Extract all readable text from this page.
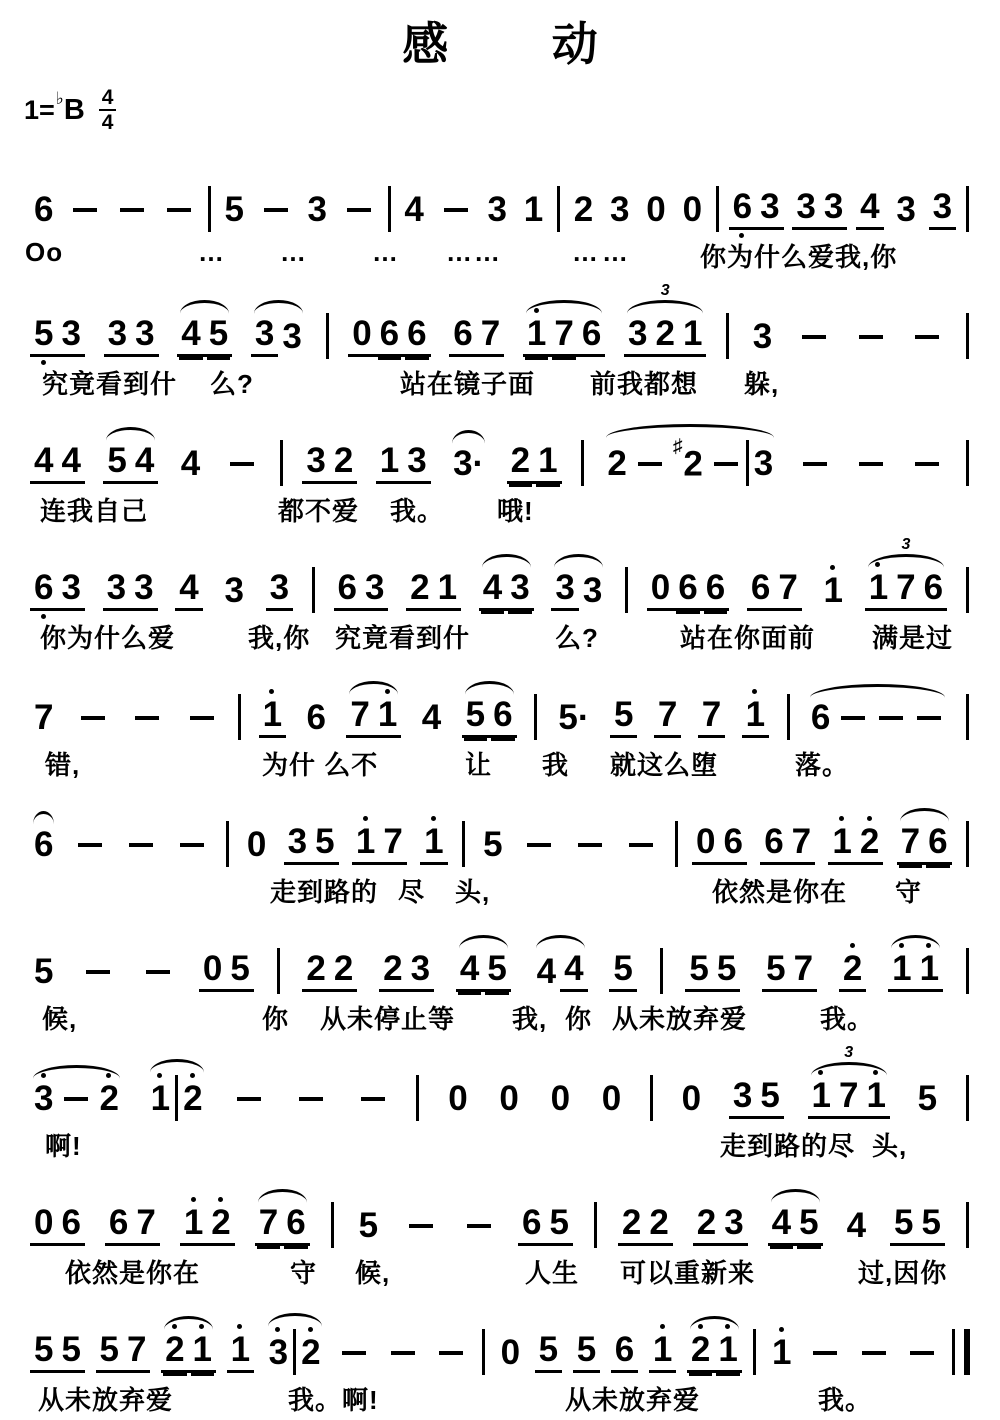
感  动
1= ♭ B $\frac{4}{4}$
6	5 3 4 3 1 2 3 0 0 6 3 3 3 4 3 3
Oo	… …	… … …	… …	你为什么爱 我,你
5 3 3 3 4 5 3 3 0 6 6 6 7 1 7 6 3 2 1
3
3
究竟看到什 么?	站在镜子面 前我都想 躲,
4 4 5 4 4	3 2 1 3 3· 2 1 2 ♯2 3
连我自己	都不爱 我。 哦!
6 3 3 3 4 3 3 6 3 2 1 4 3 3 3 0 6 6 6 7 1 1 7 6
3
你为什么爱	我,你 究竟看到什	么?	站在你面前 满是过
7	1 6 7 1 4 5 6 5· 5 7 7 1 6
错,	为什 么不	让 我 就这么堕	落。
6	0 3 5 1 7 1 5	0 6 6 7 1 2 7 6
走到路的 尽 头,	依然是你在 守
5	0 5 2 2 2 3 4 5 4 4 5 5 5 5 7 2 1 1
候,	你 从未停止等 我, 你 从未放弃爱	我。
3 2 1 2	0 0 0 0 0 3 5 1 7 1
3
5
啊!	走到路的尽 头,
0 6 6 7 1 2 7 6 5	6 5 2 2 2 3 4 5 4 5 5
依然是你在	守 候,	人生 可以重新来	过,因你
5 5 5 7 2 1 1 3 2	0 5 5 6 1 2 1 1
从未放弃爱	我。啊!	从未放弃爱	我。
